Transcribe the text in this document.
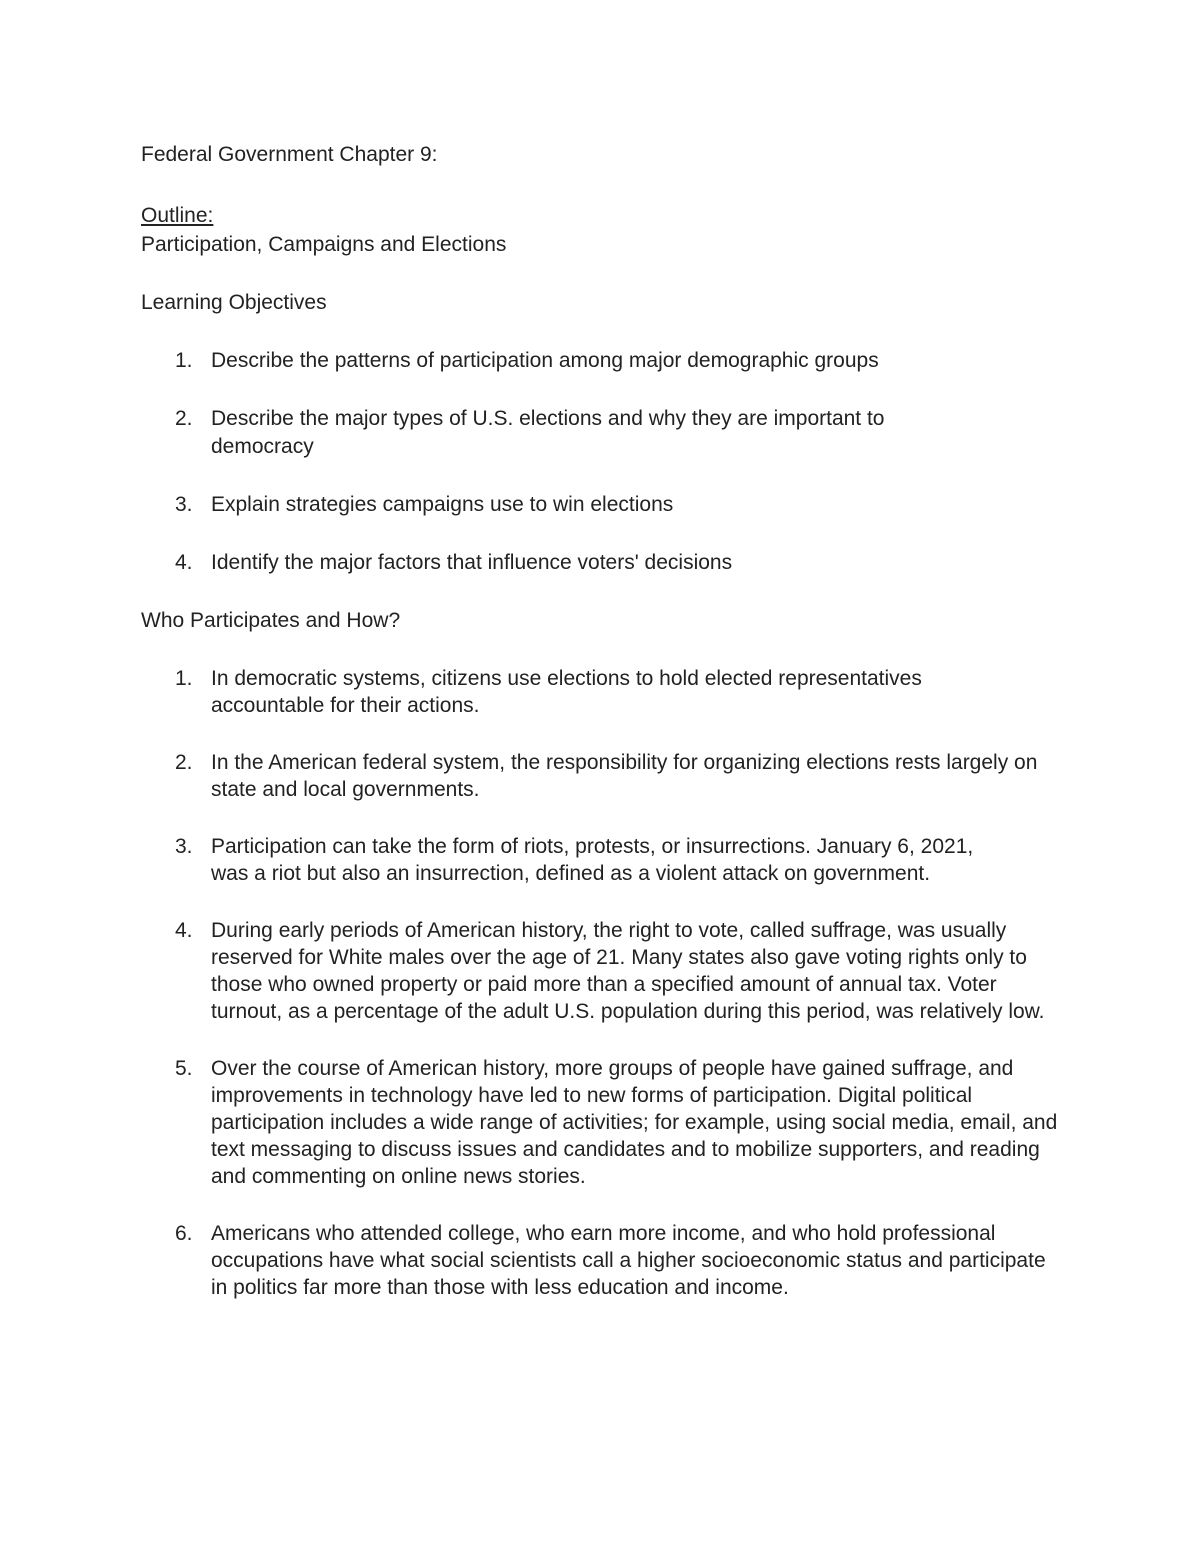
Federal Government Chapter 9:

Outline:

Participation, Campaigns and Elections

Learning Objectives

1. Describe the patterns of participation among major demographic groups
2. Describe the major types of U.S. elections and why they are important to democracy
3. Explain strategies campaigns use to win elections
4. Identify the major factors that influence voters' decisions

Who Participates and How?

1. In democratic systems, citizens use elections to hold elected representatives accountable for their actions.
2. In the American federal system, the responsibility for organizing elections rests largely on state and local governments.
3. Participation can take the form of riots, protests, or insurrections. January 6, 2021, was a riot but also an insurrection, defined as a violent attack on government.
4. During early periods of American history, the right to vote, called suffrage, was usually reserved for White males over the age of 21. Many states also gave voting rights only to those who owned property or paid more than a specified amount of annual tax. Voter turnout, as a percentage of the adult U.S. population during this period, was relatively low.
5. Over the course of American history, more groups of people have gained suffrage, and improvements in technology have led to new forms of participation. Digital political participation includes a wide range of activities; for example, using social media, email, and text messaging to discuss issues and candidates and to mobilize supporters, and reading and commenting on online news stories.
6. Americans who attended college, who earn more income, and who hold professional occupations have what social scientists call a higher socioeconomic status and participate in politics far more than those with less education and income.
